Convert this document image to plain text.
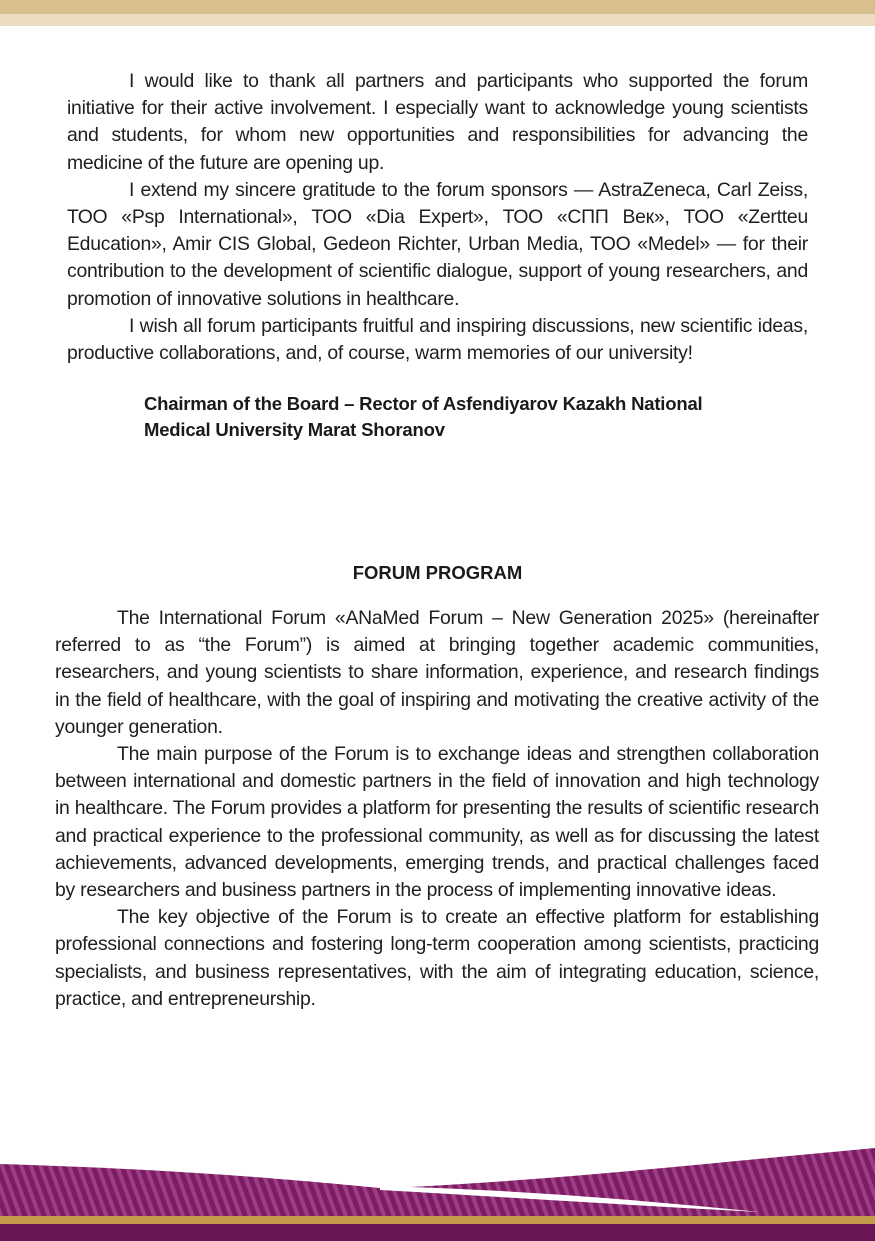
I would like to thank all partners and participants who supported the forum initiative for their active involvement. I especially want to acknowledge young scientists and students, for whom new opportunities and responsibilities for advancing the medicine of the future are opening up.

I extend my sincere gratitude to the forum sponsors — AstraZeneca, Carl Zeiss, ТОО «Psp International», ТОО «Dia Expert», ТОО «СПП Век», ТОО «Zertteu Education», Amir CIS Global, Gedeon Richter, Urban Media, ТОО «Medel» — for their contribution to the development of scientific dialogue, support of young researchers, and promotion of innovative solutions in healthcare.

I wish all forum participants fruitful and inspiring discussions, new scientific ideas, productive collaborations, and, of course, warm memories of our university!

Chairman of the Board – Rector of Asfendiyarov Kazakh National
Medical University Marat Shoranov
FORUM PROGRAM

The International Forum «ANaMed Forum – New Generation 2025» (hereinafter referred to as “the Forum”) is aimed at bringing together academic communities, researchers, and young scientists to share information, experience, and research findings in the field of healthcare, with the goal of inspiring and motivating the creative activity of the younger generation.

The main purpose of the Forum is to exchange ideas and strengthen collaboration between international and domestic partners in the field of innovation and high technology in healthcare. The Forum provides a platform for presenting the results of scientific research and practical experience to the professional community, as well as for discussing the latest achievements, advanced developments, emerging trends, and practical challenges faced by researchers and business partners in the process of implementing innovative ideas.

The key objective of the Forum is to create an effective platform for establishing professional connections and fostering long-term cooperation among scientists, practicing specialists, and business representatives, with the aim of integrating education, science, practice, and entrepreneurship.
